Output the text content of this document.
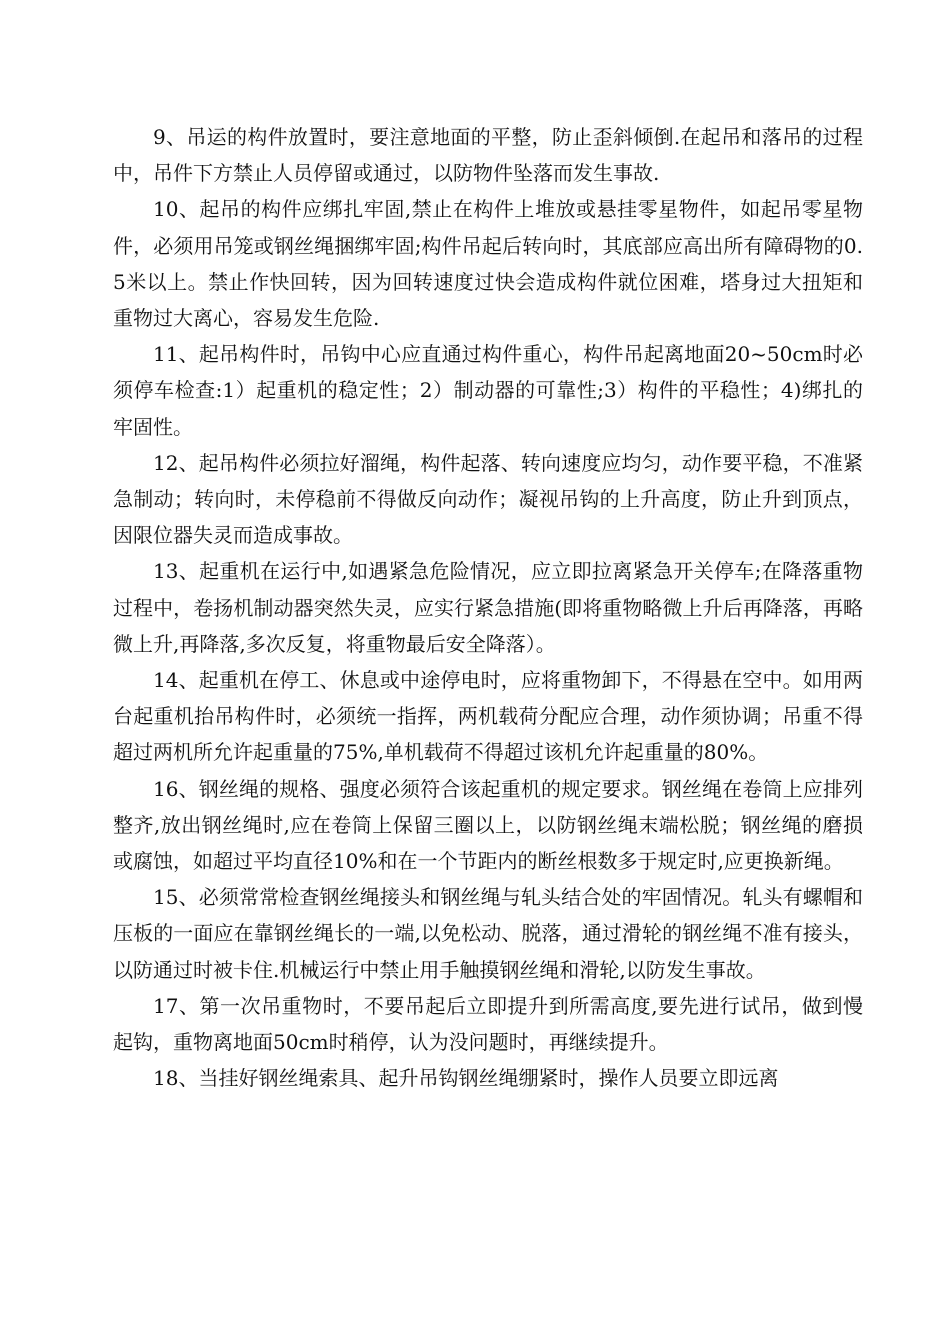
9、吊运的构件放置时，要注意地面的平整，防止歪斜倾倒.在起吊和落吊的过程中，吊件下方禁止人员停留或通过，以防物件坠落而发生事故.

10、起吊的构件应绑扎牢固,禁止在构件上堆放或悬挂零星物件，如起吊零星物件，必须用吊笼或钢丝绳捆绑牢固;构件吊起后转向时，其底部应高出所有障碍物的0.5米以上。禁止作快回转，因为回转速度过快会造成构件就位困难，塔身过大扭矩和重物过大离心，容易发生危险.

11、起吊构件时，吊钩中心应直通过构件重心，构件吊起离地面20~50cm时必须停车检查:1）起重机的稳定性；2）制动器的可靠性;3）构件的平稳性；4)绑扎的牢固性。

12、起吊构件必须拉好溜绳，构件起落、转向速度应均匀，动作要平稳，不准紧急制动；转向时，未停稳前不得做反向动作；凝视吊钩的上升高度，防止升到顶点，因限位器失灵而造成事故。

13、起重机在运行中,如遇紧急危险情况，应立即拉离紧急开关停车;在降落重物过程中，卷扬机制动器突然失灵，应实行紧急措施(即将重物略微上升后再降落，再略微上升,再降落,多次反复，将重物最后安全降落）。

14、起重机在停工、休息或中途停电时，应将重物卸下，不得悬在空中。如用两台起重机抬吊构件时，必须统一指挥，两机载荷分配应合理，动作须协调；吊重不得超过两机所允许起重量的75%,单机载荷不得超过该机允许起重量的80%。

16、钢丝绳的规格、强度必须符合该起重机的规定要求。钢丝绳在卷筒上应排列整齐,放出钢丝绳时,应在卷筒上保留三圈以上，以防钢丝绳末端松脱；钢丝绳的磨损或腐蚀，如超过平均直径10%和在一个节距内的断丝根数多于规定时,应更换新绳。

15、必须常常检查钢丝绳接头和钢丝绳与轧头结合处的牢固情况。轧头有螺帽和压板的一面应在靠钢丝绳长的一端,以免松动、脱落，通过滑轮的钢丝绳不准有接头，以防通过时被卡住.机械运行中禁止用手触摸钢丝绳和滑轮,以防发生事故。

17、第一次吊重物时，不要吊起后立即提升到所需高度,要先进行试吊，做到慢起钩，重物离地面50cm时稍停，认为没问题时，再继续提升。

18、当挂好钢丝绳索具、起升吊钩钢丝绳绷紧时，操作人员要立即远离
